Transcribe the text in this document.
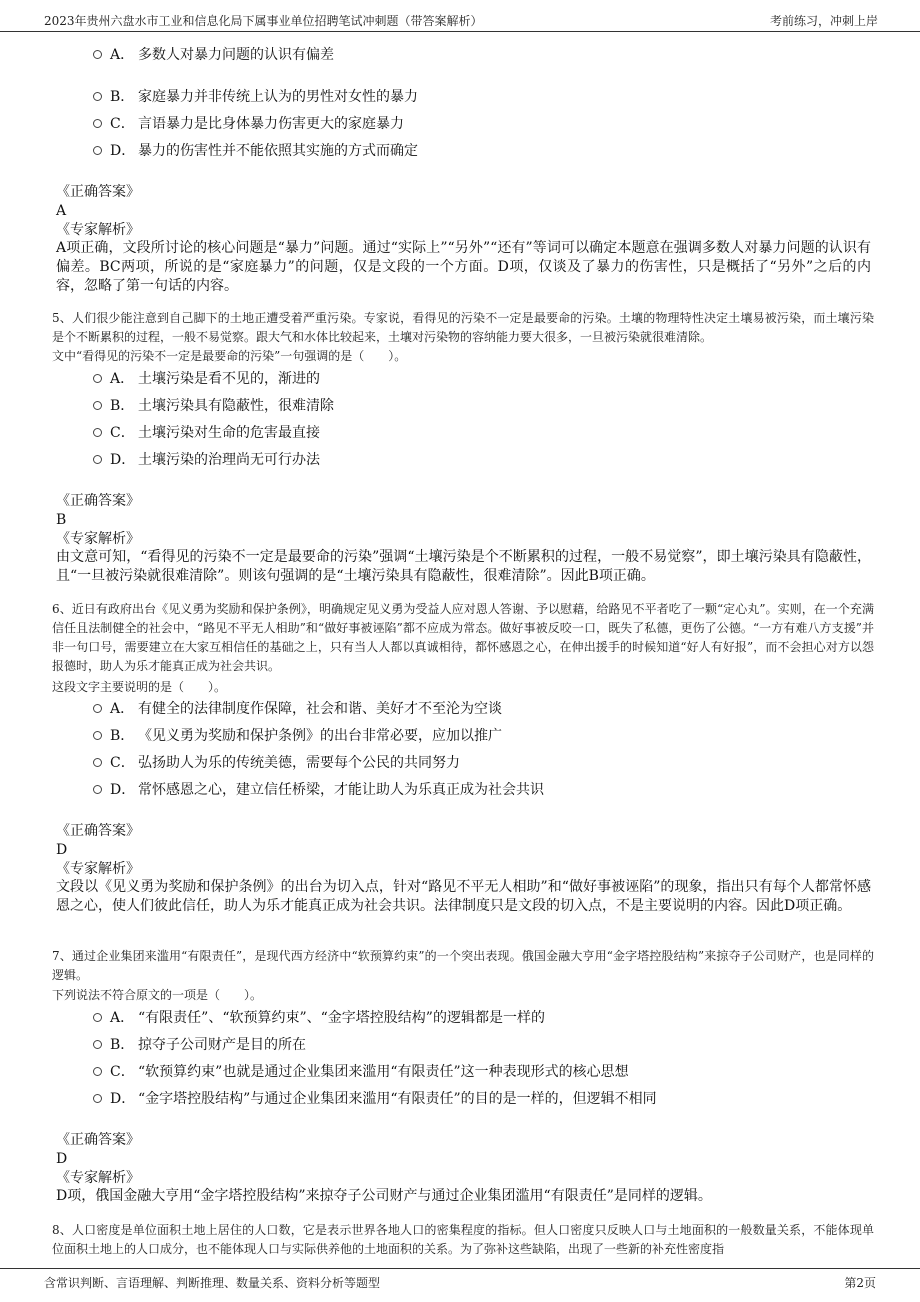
2023年贵州六盘水市工业和信息化局下属事业单位招聘笔试冲刺题（带答案解析）	考前练习，冲刺上岸
A． 多数人对暴力问题的认识有偏差
B． 家庭暴力并非传统上认为的男性对女性的暴力
C． 言语暴力是比身体暴力伤害更大的家庭暴力
D． 暴力的伤害性并不能依照其实施的方式而确定
《正确答案》
A
《专家解析》
A项正确，文段所讨论的核心问题是“暴力”问题。通过“实际上”“另外”“还有”等词可以确定本题意在强调多数人对暴力问题的认识有偏差。BC两项，所说的是“家庭暴力”的问题，仅是文段的一个方面。D项，仅谈及了暴力的伤害性，只是概括了“另外”之后的内容，忽略了第一句话的内容。
5、人们很少能注意到自己脚下的土地正遭受着严重污染。专家说，看得见的污染不一定是最要命的污染。土壤的物理特性决定土壤易被污染，而土壤污染是个不断累积的过程，一般不易觉察。跟大气和水体比较起来，土壤对污染物的容纳能力要大很多，一旦被污染就很难清除。
文中“看得见的污染不一定是最要命的污染”一句强调的是（　　）。
A． 土壤污染是看不见的，渐进的
B． 土壤污染具有隐蔽性，很难清除
C． 土壤污染对生命的危害最直接
D． 土壤污染的治理尚无可行办法
《正确答案》
B
《专家解析》
由文意可知，“看得见的污染不一定是最要命的污染”强调“土壤污染是个不断累积的过程，一般不易觉察”，即土壤污染具有隐蔽性，且“一旦被污染就很难清除”。则该句强调的是“土壤污染具有隐蔽性，很难清除”。因此B项正确。
6、近日有政府出台《见义勇为奖励和保护条例》，明确规定见义勇为受益人应对恩人答谢、予以慰藉，给路见不平者吃了一颗“定心丸”。实则，在一个充满信任且法制健全的社会中，“路见不平无人相助”和“做好事被诬陷”都不应成为常态。做好事被反咬一口，既失了私德，更伤了公德。“一方有难八方支援”并非一句口号，需要建立在大家互相信任的基础之上，只有当人人都以真诚相待，都怀感恩之心，在伸出援手的时候知道“好人有好报”，而不会担心对方以怨报德时，助人为乐才能真正成为社会共识。
这段文字主要说明的是（　　）。
A． 有健全的法律制度作保障，社会和谐、美好才不至沦为空谈
B． 《见义勇为奖励和保护条例》的出台非常必要，应加以推广
C． 弘扬助人为乐的传统美德，需要每个公民的共同努力
D． 常怀感恩之心，建立信任桥梁，才能让助人为乐真正成为社会共识
《正确答案》
D
《专家解析》
文段以《见义勇为奖励和保护条例》的出台为切入点，针对“路见不平无人相助”和“做好事被诬陷”的现象，指出只有每个人都常怀感恩之心，使人们彼此信任，助人为乐才能真正成为社会共识。法律制度只是文段的切入点，不是主要说明的内容。因此D项正确。
7、通过企业集团来滥用“有限责任”，是现代西方经济中“软预算约束”的一个突出表现。俄国金融大亨用“金字塔控股结构”来掠夺子公司财产，也是同样的逻辑。
下列说法不符合原文的一项是（　　）。
A． “有限责任”、“软预算约束”、“金字塔控股结构”的逻辑都是一样的
B． 掠夺子公司财产是目的所在
C． “软预算约束”也就是通过企业集团来滥用“有限责任”这一种表现形式的核心思想
D． “金字塔控股结构”与通过企业集团来滥用“有限责任”的目的是一样的，但逻辑不相同
《正确答案》
D
《专家解析》
D项，俄国金融大亨用“金字塔控股结构”来掠夺子公司财产与通过企业集团滥用“有限责任”是同样的逻辑。
8、人口密度是单位面积土地上居住的人口数，它是表示世界各地人口的密集程度的指标。但人口密度只反映人口与土地面积的一般数量关系，不能体现单位面积土地上的人口成分，也不能体现人口与实际供养他的土地面积的关系。为了弥补这些缺陷，出现了一些新的补充性密度指
含常识判断、言语理解、判断推理、数量关系、资料分析等题型	第2页
